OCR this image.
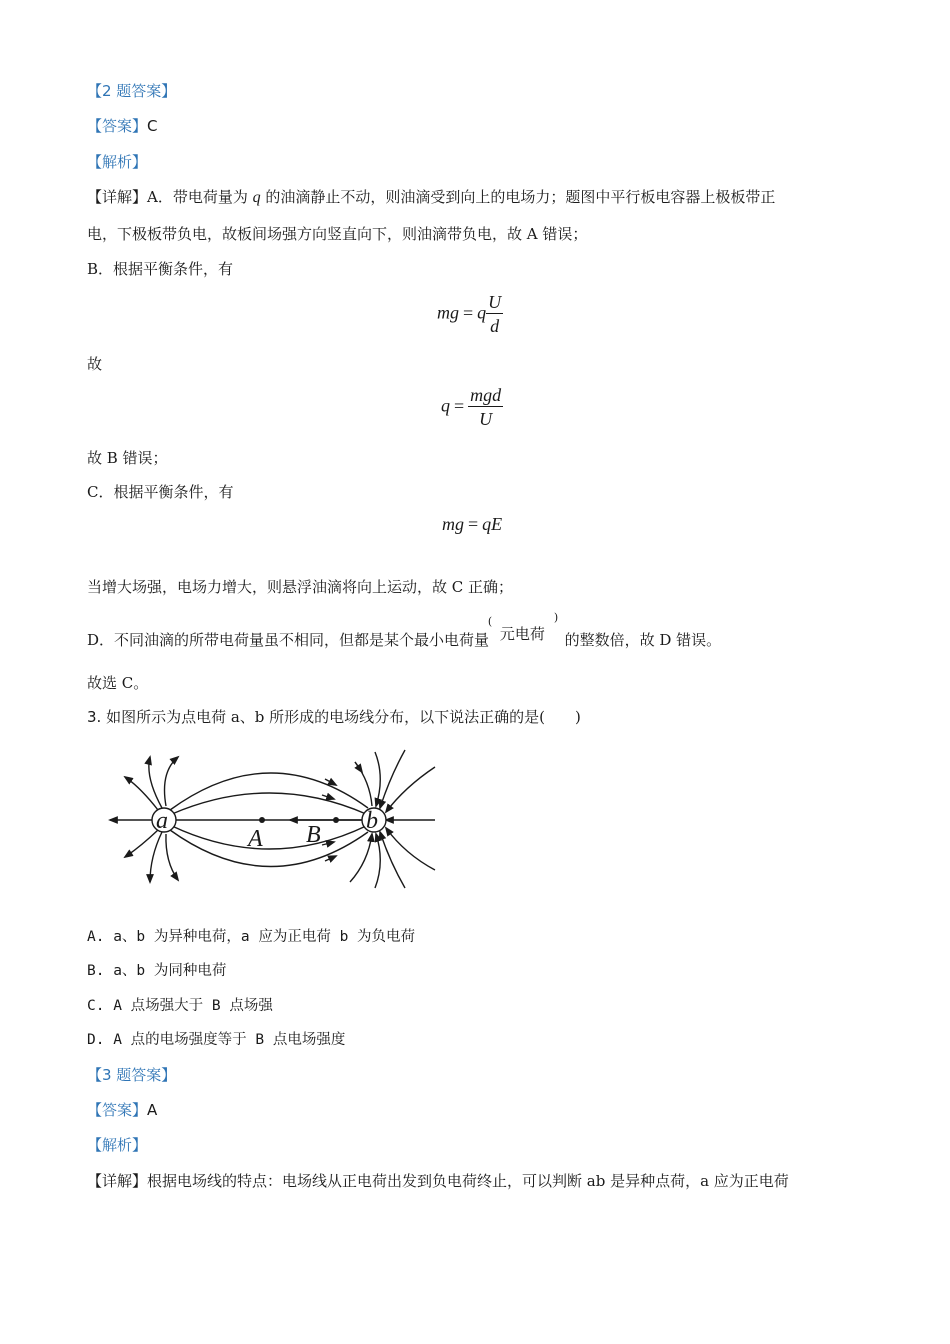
【2 题答案】
【答案】C
【解析】
【详解】A．带电荷量为 q 的油滴静止不动，则油滴受到向上的电场力；题图中平行板电容器上极板带正
电，下极板带负电，故板间场强方向竖直向下，则油滴带负电，故 A 错误；
B．根据平衡条件，有
mg = q $\frac{U}{d}$
故
$q = \frac{\text{mgd}}{U}$
故 B 错误；
C．根据平衡条件，有
mg = qE
当增大场强，电场力增大，则悬浮油滴将向上运动，故 C 正确；
D．不同油滴的所带电荷量虽不相同，但都是某个最小电荷量
(	)
元电荷 的整数倍，故 D 错误。
故选 C。
3. 如图所示为点电荷 a、b 所形成的电场线分布，以下说法正确的是(　　)
a	b
A B
A. a、b 为异种电荷，a 应为正电荷 b 为负电荷
B. a、b 为同种电荷
C. A 点场强大于 B 点场强
D. A 点的电场强度等于 B 点电场强度
【3 题答案】
【答案】A
【解析】
【详解】根据电场线的特点：电场线从正电荷出发到负电荷终止，可以判断 ab 是异种点荷，a 应为正电荷
